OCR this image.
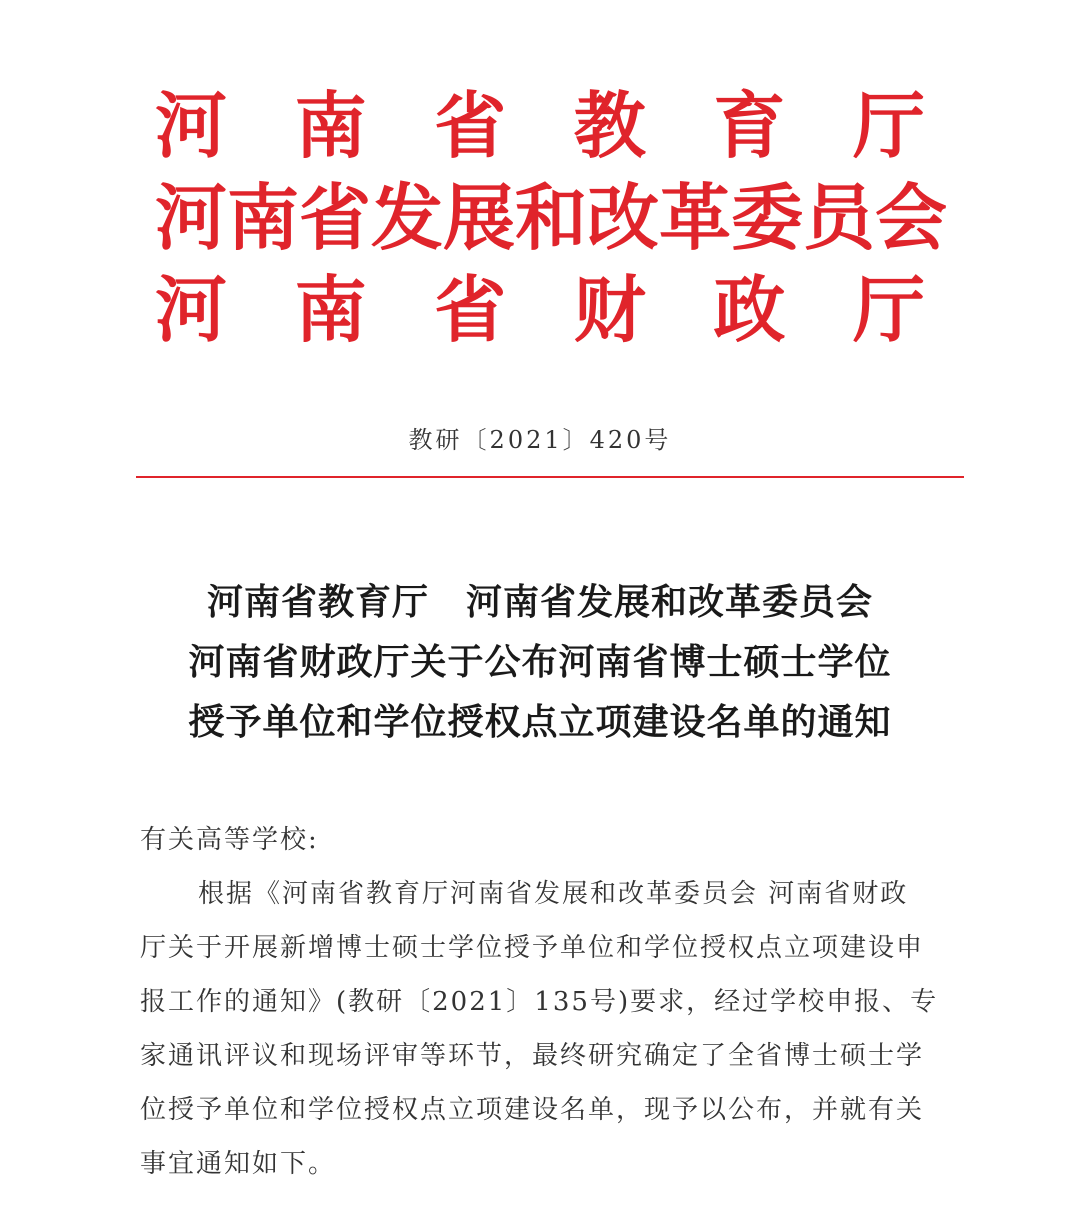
河 南 省 教 育 厅
河 南 省 发 展 和 改 革 委 员 会
河 南 省 财 政 厅
教研〔2021〕420号
河南省教育厅　河南省发展和改革委员会
河南省财政厅关于公布河南省博士硕士学位
授予单位和学位授权点立项建设名单的通知
有关高等学校:
根据《河南省教育厅河南省发展和改革委员会 河南省财政
厅关于开展新增博士硕士学位授予单位和学位授权点立项建设申
报工作的通知》(教研〔2021〕135号)要求，经过学校申报、专
家通讯评议和现场评审等环节，最终研究确定了全省博士硕士学
位授予单位和学位授权点立项建设名单，现予以公布，并就有关
事宜通知如下。
